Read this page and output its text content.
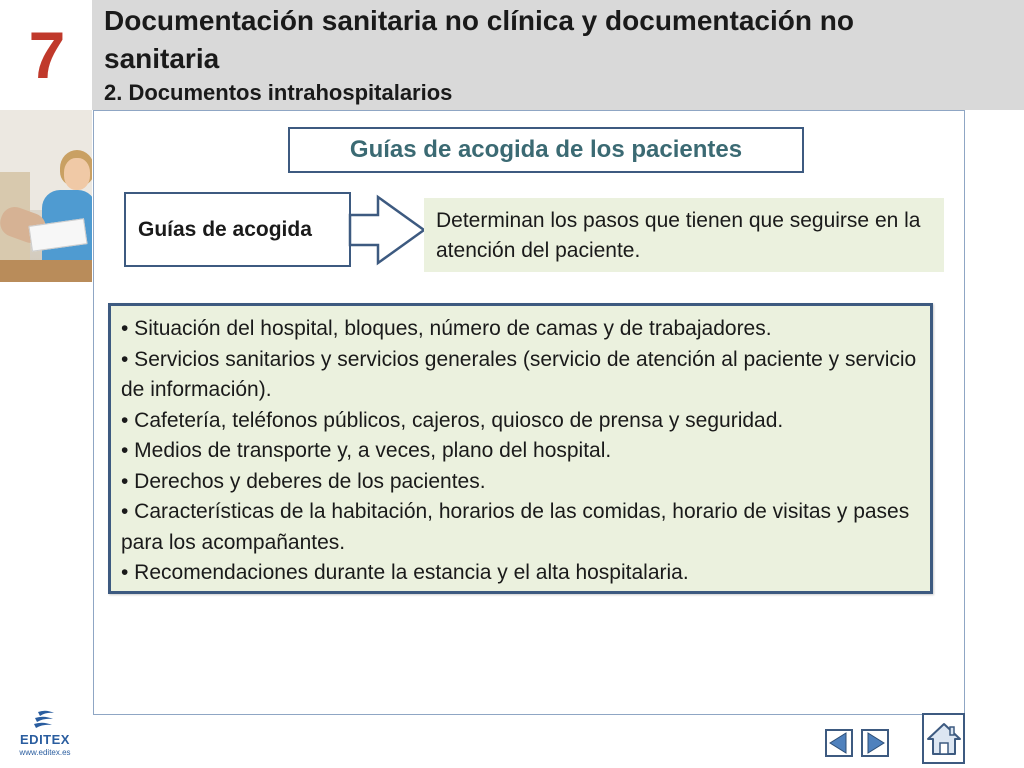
7 Documentación sanitaria no clínica y documentación no sanitaria
2. Documentos intrahospitalarios
Guías de acogida de los pacientes
Guías de acogida	Determinan los pasos que tienen que seguirse en la atención del paciente.
• Situación del hospital, bloques, número de camas y de trabajadores.
• Servicios sanitarios y servicios generales (servicio de atención al paciente y servicio de información).
• Cafetería, teléfonos públicos, cajeros, quiosco de prensa y seguridad.
• Medios de transporte y, a veces, plano del hospital.
• Derechos y deberes de los pacientes.
• Características de la habitación, horarios de las comidas, horario de visitas y pases para los acompañantes.
• Recomendaciones durante la estancia y el alta hospitalaria.
EDITEX
www.editex.es
